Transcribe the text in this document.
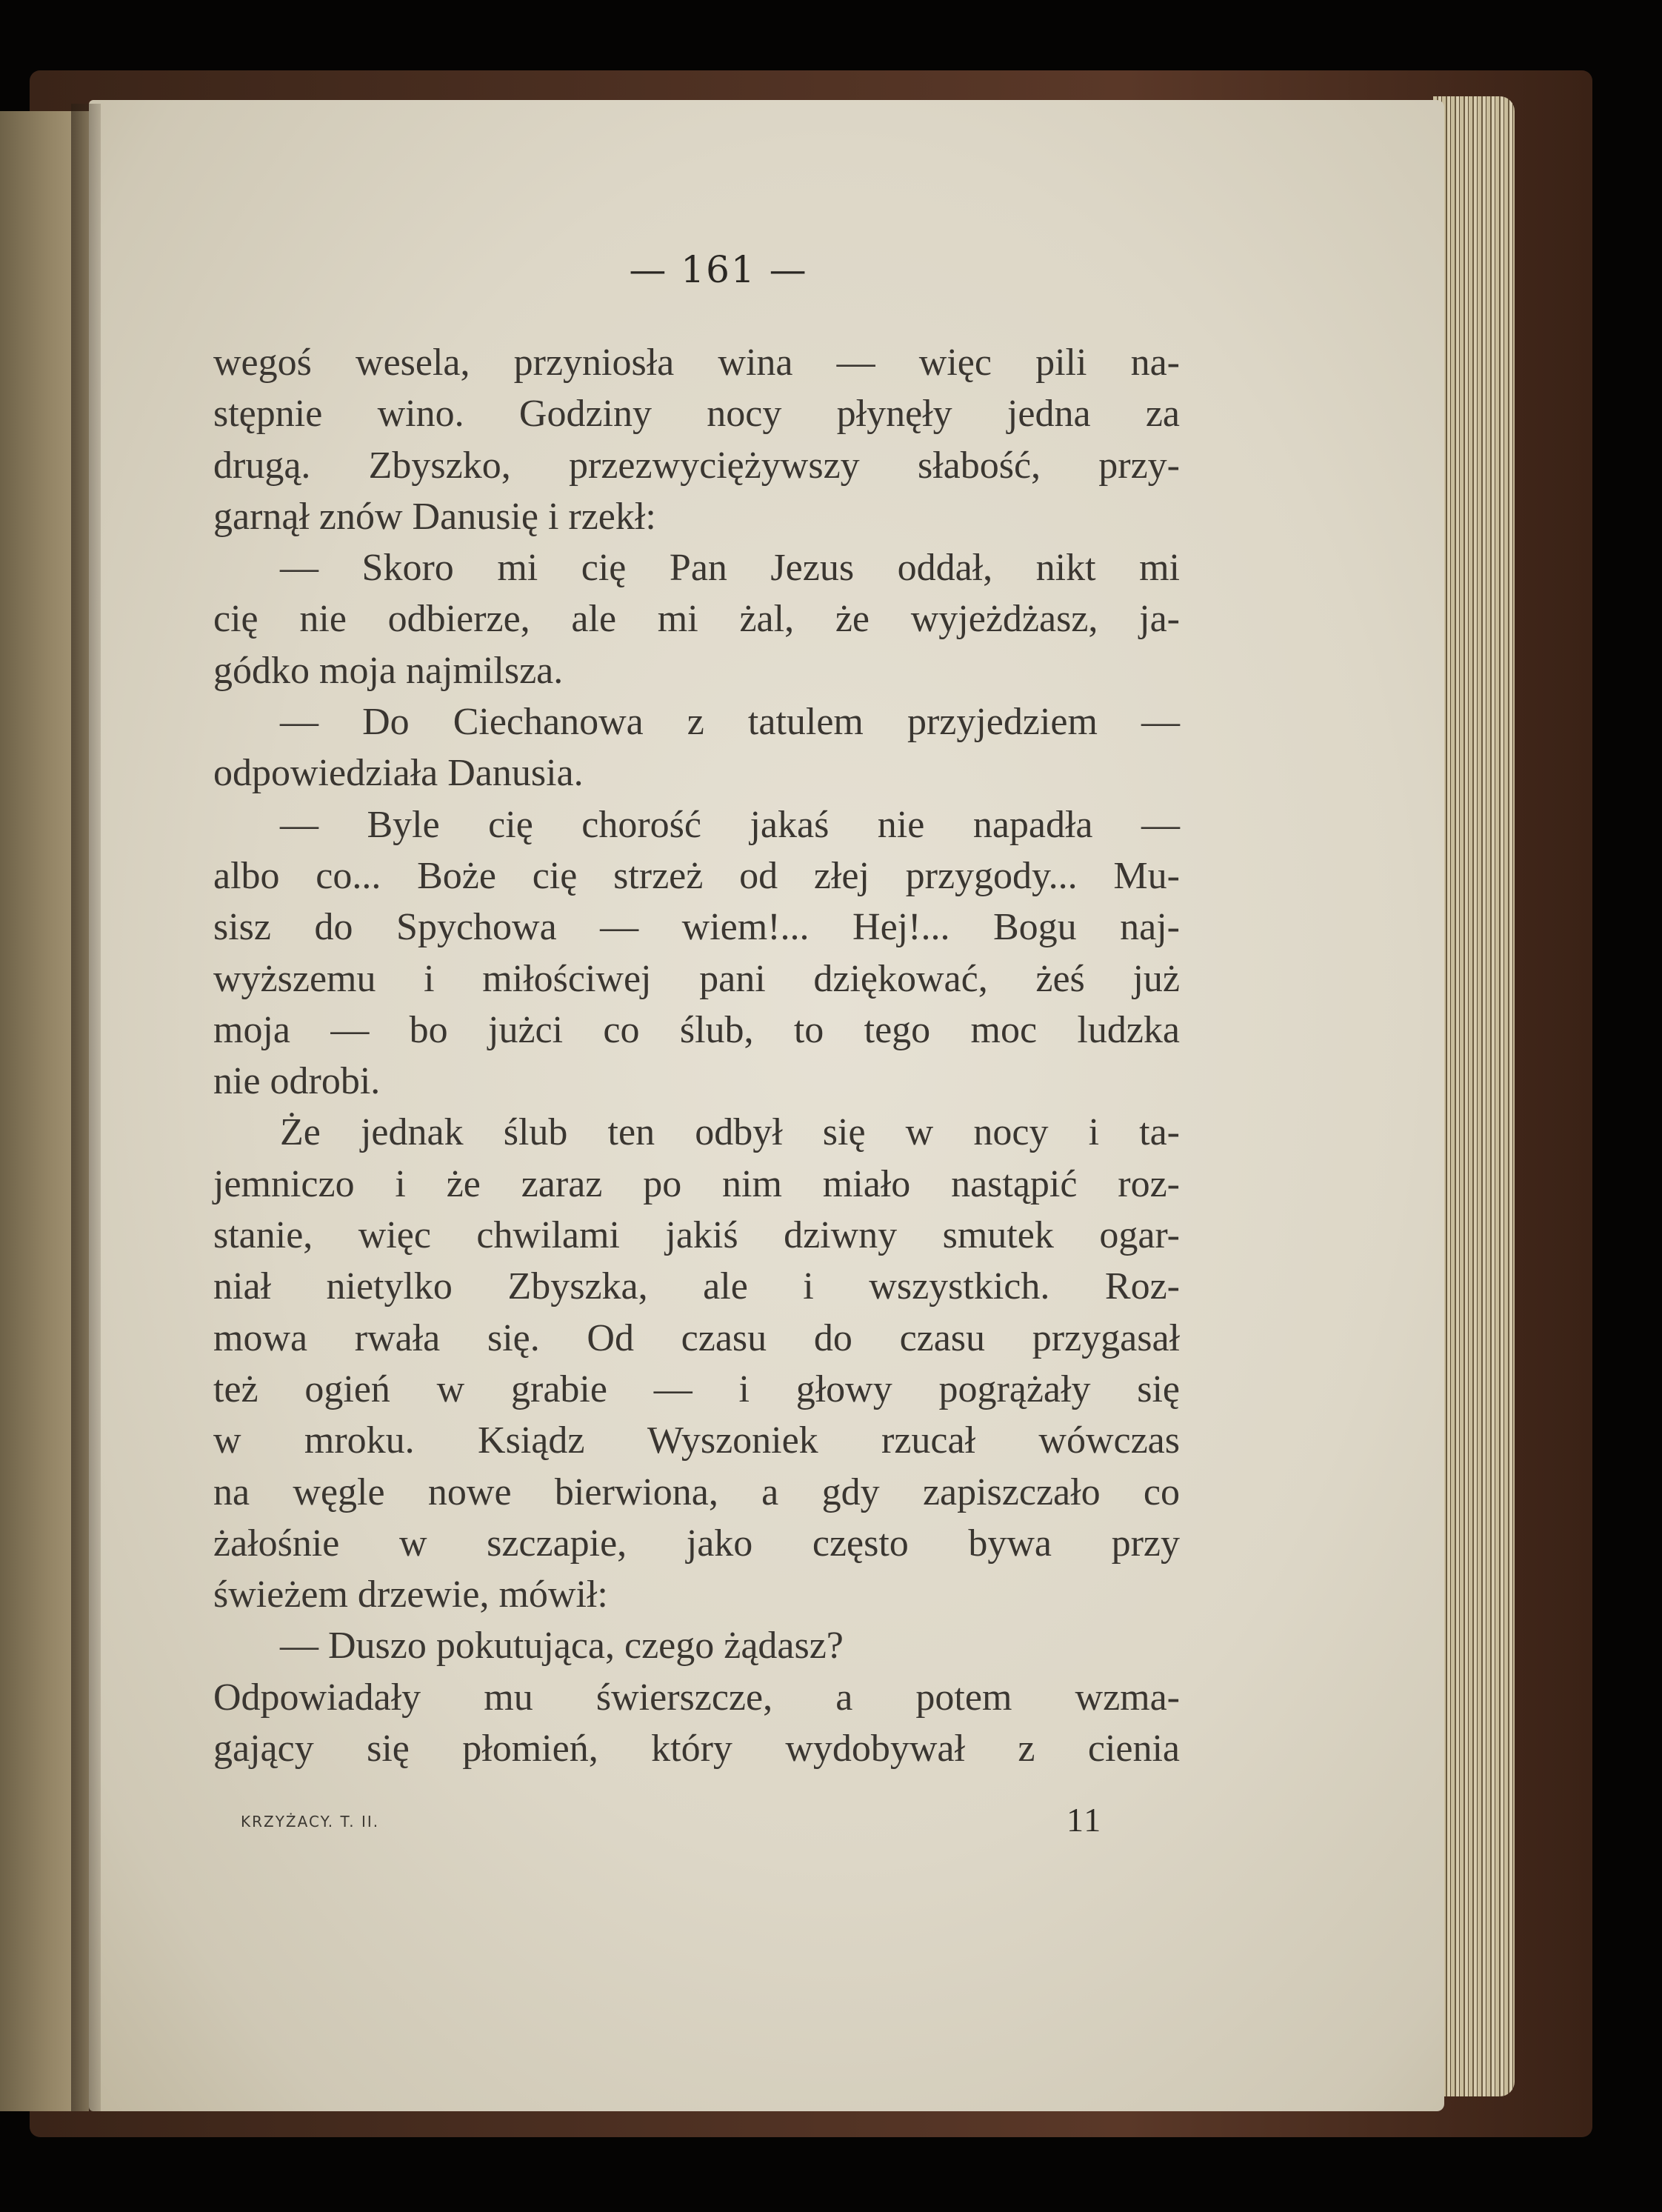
— 161 —
wegoś wesela, przyniosła wina — więc pili na-
stępnie wino. Godziny nocy płynęły jedna za
drugą. Zbyszko, przezwyciężywszy słabość, przy-
garnął znów Danusię i rzekł:
— Skoro mi cię Pan Jezus oddał, nikt mi
cię nie odbierze, ale mi żal, że wyjeżdżasz, ja-
gódko moja najmilsza.
— Do Ciechanowa z tatulem przyjedziem —
odpowiedziała Danusia.
— Byle cię chorość jakaś nie napadła —
albo co... Boże cię strzeż od złej przygody... Mu-
sisz do Spychowa — wiem!... Hej!... Bogu naj-
wyższemu i miłościwej pani dziękować, żeś już
moja — bo jużci co ślub, to tego moc ludzka
nie odrobi.
Że jednak ślub ten odbył się w nocy i ta-
jemniczo i że zaraz po nim miało nastąpić roz-
stanie, więc chwilami jakiś dziwny smutek ogar-
niał nietylko Zbyszka, ale i wszystkich. Roz-
mowa rwała się. Od czasu do czasu przygasał
też ogień w grabie — i głowy pogrążały się
w mroku. Ksiądz Wyszoniek rzucał wówczas
na węgle nowe bierwiona, a gdy zapiszczało co
żałośnie w szczapie, jako często bywa przy
świeżem drzewie, mówił:
— Duszo pokutująca, czego żądasz?
Odpowiadały mu świerszcze, a potem wzma-
gający się płomień, który wydobywał z cienia
KRZYŻACY. T. II.	11
